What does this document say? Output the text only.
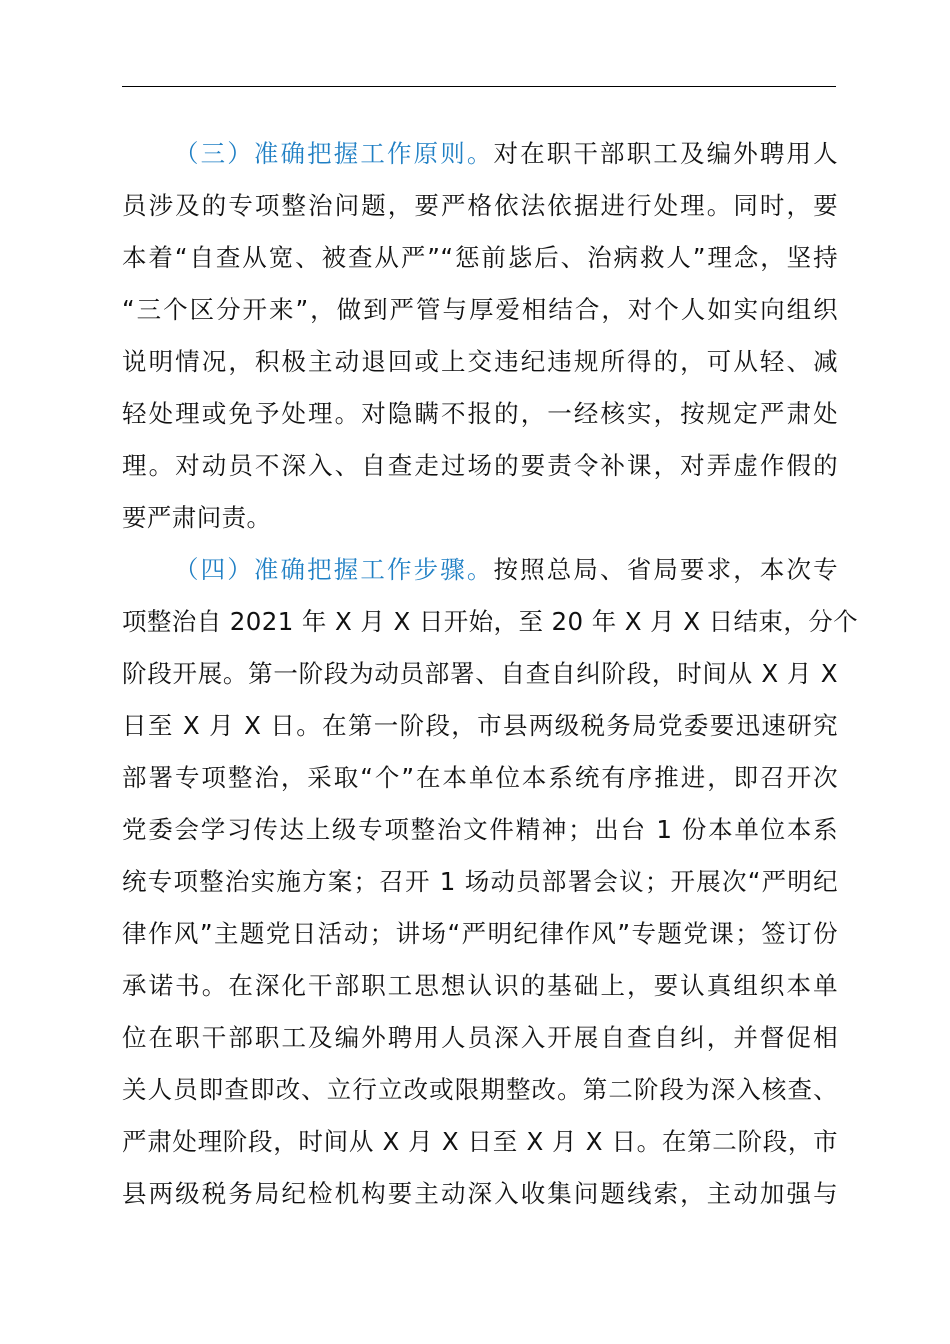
（三）准确把握工作原则。对在职干部职工及编外聘用人
员涉及的专项整治问题，要严格依法依据进行处理。同时，要
本着“自查从宽、被查从严”“惩前毖后、治病救人”理念，坚持
“三个区分开来”，做到严管与厚爱相结合，对个人如实向组织
说明情况，积极主动退回或上交违纪违规所得的，可从轻、减
轻处理或免予处理。对隐瞒不报的，一经核实，按规定严肃处
理。对动员不深入、自查走过场的要责令补课，对弄虚作假的
要严肃问责。
（四）准确把握工作步骤。按照总局、省局要求，本次专
项整治自 2021 年 X 月 X 日开始，至 20 年 X 月 X 日结束，分个
阶段开展。第一阶段为动员部署、自查自纠阶段，时间从 X 月 X
日至 X 月 X 日。在第一阶段，市县两级税务局党委要迅速研究
部署专项整治，采取“个”在本单位本系统有序推进，即召开次
党委会学习传达上级专项整治文件精神；出台 1 份本单位本系
统专项整治实施方案；召开 1 场动员部署会议；开展次“严明纪
律作风”主题党日活动；讲场“严明纪律作风”专题党课；签订份
承诺书。在深化干部职工思想认识的基础上，要认真组织本单
位在职干部职工及编外聘用人员深入开展自查自纠，并督促相
关人员即查即改、立行立改或限期整改。第二阶段为深入核查、
严肃处理阶段，时间从 X 月 X 日至 X 月 X 日。在第二阶段，市
县两级税务局纪检机构要主动深入收集问题线索，主动加强与
